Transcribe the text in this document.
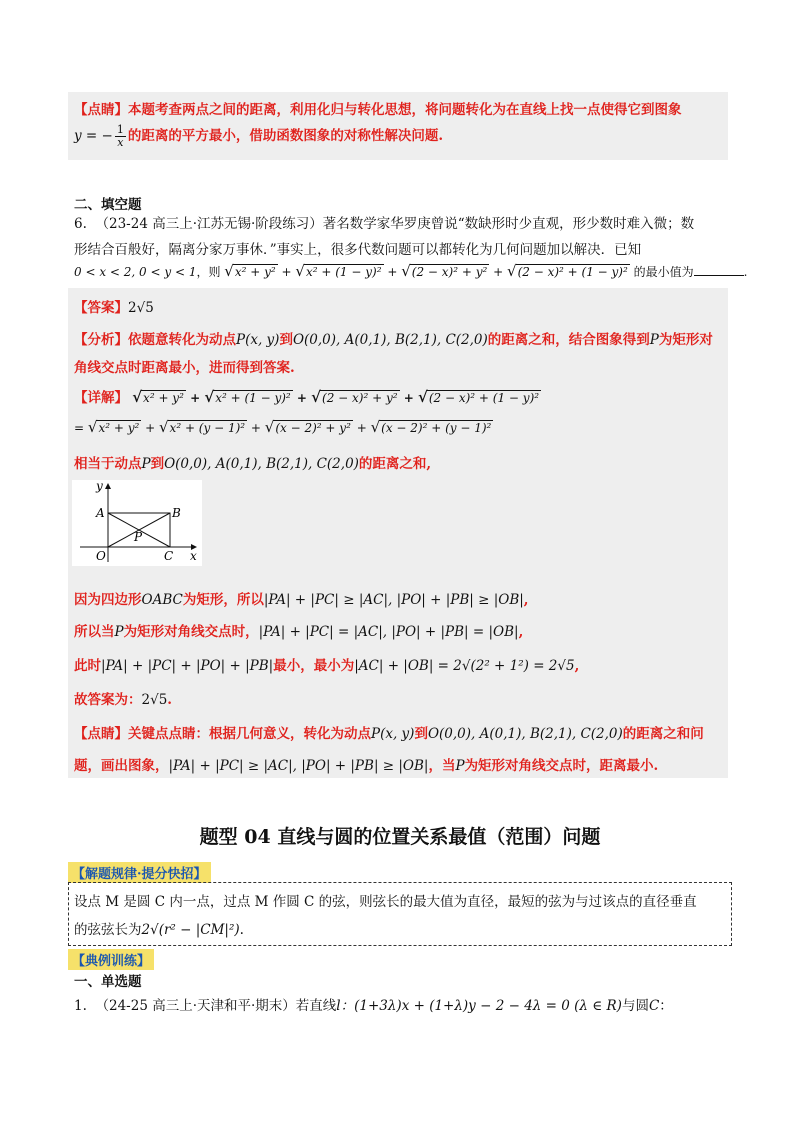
【点睛】本题考查两点之间的距离，利用化归与转化思想，将问题转化为在直线上找一点使得它到图象
y = − $\frac{1}{x}$ 的距离的平方最小，借助函数图象的对称性解决问题.
二、填空题
6. （23-24 高三上·江苏无锡·阶段练习）著名数学家华罗庚曾说“数缺形时少直观，形少数时难入微；数
形结合百般好，隔离分家万事休．”事实上，很多代数问题可以都转化为几何问题加以解决．已知
0 < x < 2, 0 < y < 1，则 √x² + y² + √x² + (1 − y)² + √(2 − x)² + y² + √(2 − x)² + (1 − y)² 的最小值为	.
【答案】2√5
【分析】依题意转化为动点P(x, y)到O(0,0), A(0,1), B(2,1), C(2,0)的距离之和，结合图象得到P为矩形对
角线交点时距离最小，进而得到答案.
【详解】 √x² + y² + √x² + (1 − y)² + √(2 − x)² + y² + √(2 − x)² + (1 − y)²
= √x² + y² + √x² + (y − 1)² + √(x − 2)² + y² + √(x − 2)² + (y − 1)²
相当于动点P到O(0,0), A(0,1), B(2,1), C(2,0)的距离之和,
y
x
A	B
O	C
P
因为四边形OABC为矩形，所以|PA| + |PC| ≥ |AC|, |PO| + |PB| ≥ |OB|,
所以当P为矩形对角线交点时，|PA| + |PC| = |AC|, |PO| + |PB| = |OB|,
此时|PA| + |PC| + |PO| + |PB|最小，最小为|AC| + |OB| = 2√(2² + 1²) = 2√5,
故答案为：2√5.
【点睛】关键点点睛：根据几何意义，转化为动点P(x, y)到O(0,0), A(0,1), B(2,1), C(2,0)的距离之和问
题，画出图象，|PA| + |PC| ≥ |AC|, |PO| + |PB| ≥ |OB|，当P为矩形对角线交点时，距离最小.
题型 04 直线与圆的位置关系最值（范围）问题
【解题规律·提分快招】
设点 M 是圆 C 内一点，过点 M 作圆 C 的弦，则弦长的最大值为直径，最短的弦为与过该点的直径垂直
的弦弦长为2√(r² − |CM|²).
【典例训练】
一、单选题
1. （24-25 高三上·天津和平·期末）若直线l：(1+3λ)x + (1+λ)y − 2 − 4λ = 0 (λ ∈ R)与圆C：
